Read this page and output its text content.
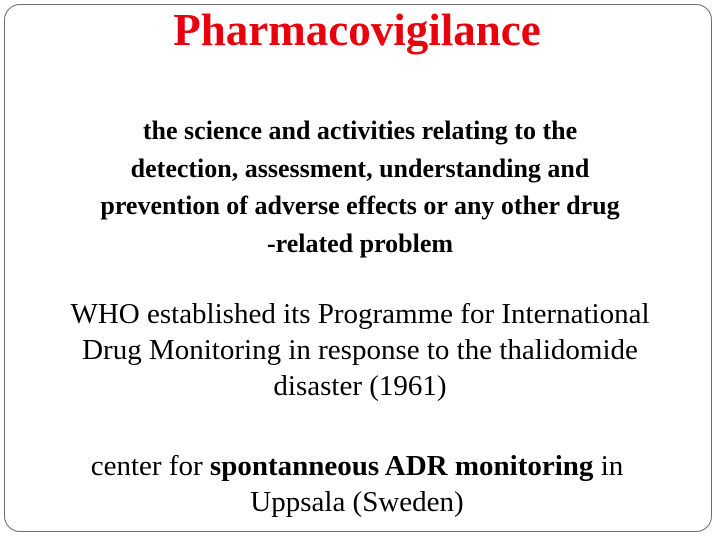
Pharmacovigilance

the science and activities relating to the
detection, assessment, understanding and
prevention of adverse effects or any other drug
-related problem

WHO established its Programme for International
Drug Monitoring in response to the thalidomide
disaster (1961)

center for spontanneous ADR monitoring in
Uppsala (Sweden)
